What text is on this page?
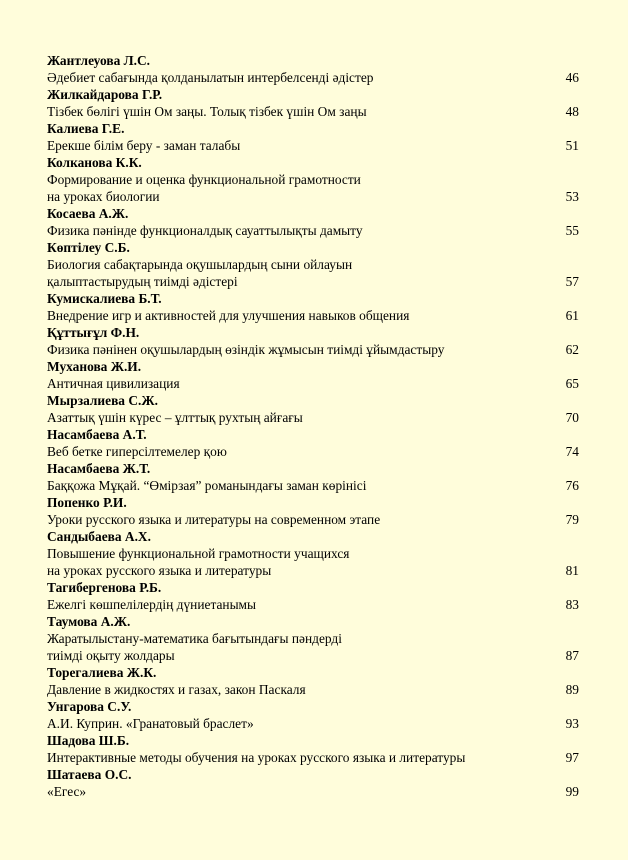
Жантлеуова Л.С.
Әдебиет сабағында қолданылатын интербелсенді әдістер	46
Жилкайдарова Г.Р.
Тізбек бөлігі үшін Ом заңы. Толық тізбек үшін Ом заңы	48
Калиева Г.Е.
Ерекше білім беру - заман талабы	51
Колканова К.К.
Формирование и оценка функциональной грамотности
на уроках биологии	53
Косаева А.Ж.
Физика пәнінде функционалдық сауаттылықты дамыту	55
Көптілеу С.Б.
Биология сабақтарында оқушылардың сыни ойлауын
қалыптастырудың тиімді әдістері	57
Кумискалиева Б.Т.
Внедрение игр и активностей для улучшения навыков общения	61
Құттығұл Ф.Н.
Физика пәнінен оқушылардың өзіндік жұмысын тиімді ұйымдастыру	62
Муханова Ж.И.
Античная цивилизация	65
Мырзалиева С.Ж.
Азаттық үшін күрес – ұлттық рухтың айғағы	70
Насамбаева А.Т.
Веб бетке гиперсілтемелер қою	74
Насамбаева Ж.Т.
Баққожа Мұқай. “Өмірзая” романындағы заман көрінісі	76
Попенко Р.И.
Уроки русского языка и литературы на современном этапе	79
Сандыбаева А.Х.
Повышение функциональной грамотности учащихся
на уроках русского языка и литературы	81
Тагибергенова Р.Б.
Ежелгі көшпелілердің дүниетанымы	83
Таумова А.Ж.
Жаратылыстану-математика бағытындағы пәндерді
тиімді оқыту жолдары	87
Торегалиева Ж.К.
Давление в жидкостях и газах, закон Паскаля	89
Унгарова С.У.
А.И. Куприн. «Гранатовый браслет»	93
Шадова Ш.Б.
Интерактивные методы обучения на уроках русского языка и литературы	97
Шатаева О.С.
«Егес»	99
